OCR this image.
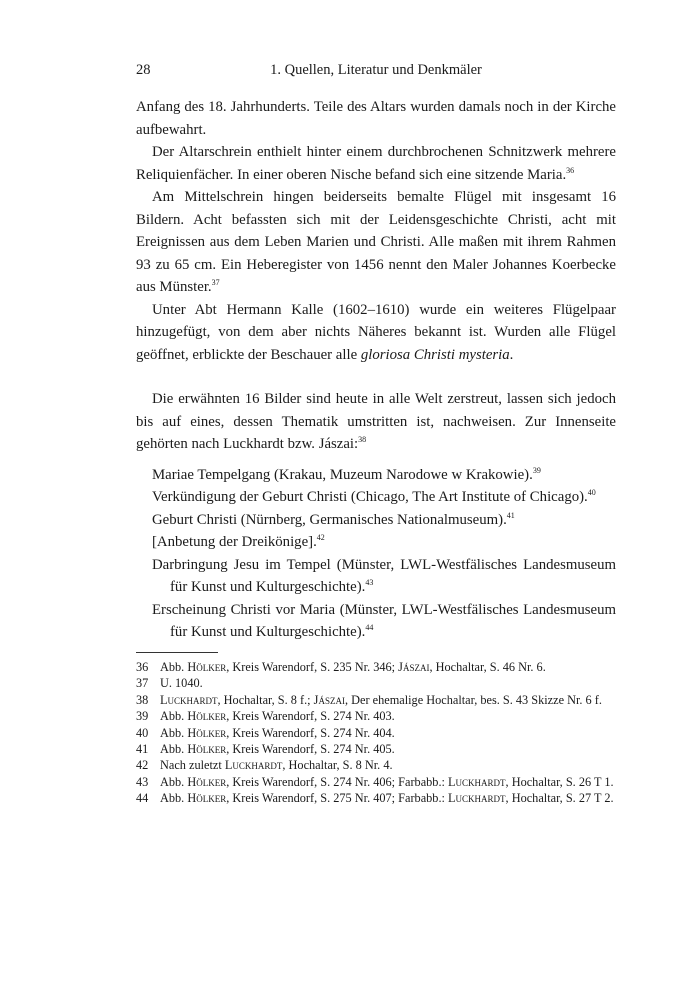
28	1. Quellen, Literatur und Denkmäler

Anfang des 18. Jahrhunderts. Teile des Altars wurden damals noch in der Kirche aufbewahrt.

Der Altarschrein enthielt hinter einem durchbrochenen Schnitzwerk mehrere Reliquienfächer. In einer oberen Nische befand sich eine sitzende Maria.$^{36}$

Am Mittelschrein hingen beiderseits bemalte Flügel mit insgesamt 16 Bildern. Acht befassten sich mit der Leidensgeschichte Christi, acht mit Ereignissen aus dem Leben Marien und Christi. Alle maßen mit ihrem Rahmen 93 zu 65 cm. Ein Heberegister von 1456 nennt den Maler Johannes Koerbecke aus Münster.$^{37}$

Unter Abt Hermann Kalle (1602–1610) wurde ein weiteres Flügelpaar hinzugefügt, von dem aber nichts Näheres bekannt ist. Wurden alle Flügel geöffnet, erblickte der Beschauer alle gloriosa Christi mysteria.

Die erwähnten 16 Bilder sind heute in alle Welt zerstreut, lassen sich jedoch bis auf eines, dessen Thematik umstritten ist, nachweisen. Zur Innenseite gehörten nach Luckhardt bzw. Jászai:$^{38}$

Mariae Tempelgang (Krakau, Muzeum Narodowe w Krakowie).$^{39}$
Verkündigung der Geburt Christi (Chicago, The Art Institute of Chicago).$^{40}$
Geburt Christi (Nürnberg, Germanisches Nationalmuseum).$^{41}$
[Anbetung der Dreikönige].$^{42}$
Darbringung Jesu im Tempel (Münster, LWL-Westfälisches Landesmuseum für Kunst und Kulturgeschichte).$^{43}$
Erscheinung Christi vor Maria (Münster, LWL-Westfälisches Landesmuseum für Kunst und Kulturgeschichte).$^{44}$
36 Abb. Hölker, Kreis Warendorf, S. 235 Nr. 346; Jászai, Hochaltar, S. 46 Nr. 6.
37 U. 1040.
38 Luckhardt, Hochaltar, S. 8 f.; Jászai, Der ehemalige Hochaltar, bes. S. 43 Skizze Nr. 6 f.
39 Abb. Hölker, Kreis Warendorf, S. 274 Nr. 403.
40 Abb. Hölker, Kreis Warendorf, S. 274 Nr. 404.
41 Abb. Hölker, Kreis Warendorf, S. 274 Nr. 405.
42 Nach zuletzt Luckhardt, Hochaltar, S. 8 Nr. 4.
43 Abb. Hölker, Kreis Warendorf, S. 274 Nr. 406; Farbabb.: Luckhardt, Hochaltar, S. 26 T 1.
44 Abb. Hölker, Kreis Warendorf, S. 275 Nr. 407; Farbabb.: Luckhardt, Hochaltar, S. 27 T 2.
